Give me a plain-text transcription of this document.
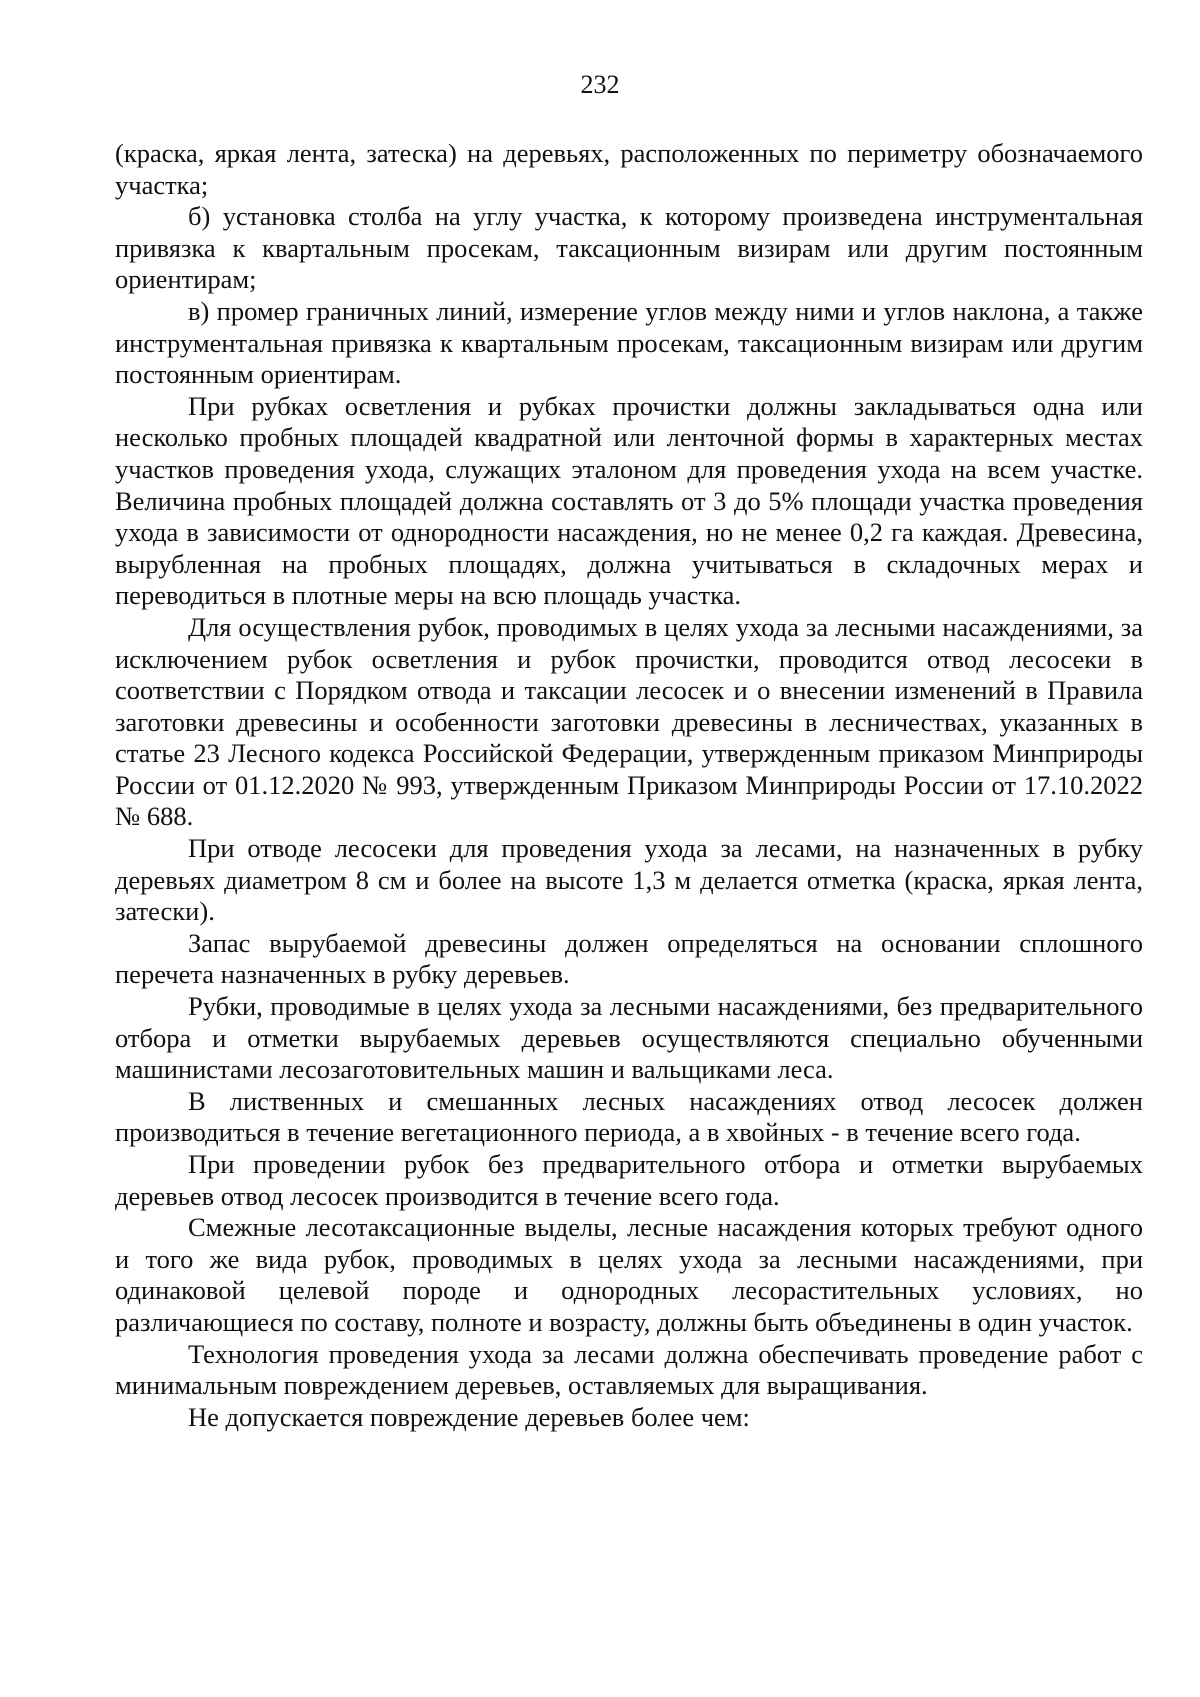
232

(краска, яркая лента, затеска) на деревьях, расположенных по периметру обозначаемого участка;

б) установка столба на углу участка, к которому произведена инструментальная привязка к квартальным просекам, таксационным визирам или другим постоянным ориентирам;

в) промер граничных линий, измерение углов между ними и углов наклона, а также инструментальная привязка к квартальным просекам, таксационным визирам или другим постоянным ориентирам.

При рубках осветления и рубках прочистки должны закладываться одна или несколько пробных площадей квадратной или ленточной формы в характерных местах участков проведения ухода, служащих эталоном для проведения ухода на всем участке. Величина пробных площадей должна составлять от 3 до 5% площади участка проведения ухода в зависимости от однородности насаждения, но не менее 0,2 га каждая. Древесина, вырубленная на пробных площадях, должна учитываться в складочных мерах и переводиться в плотные меры на всю площадь участка.

Для осуществления рубок, проводимых в целях ухода за лесными насаждениями, за исключением рубок осветления и рубок прочистки, проводится отвод лесосеки в соответствии с Порядком отвода и таксации лесосек и о внесении изменений в Правила заготовки древесины и особенности заготовки древесины в лесничествах, указанных в статье 23 Лесного кодекса Российской Федерации, утвержденным приказом Минприроды России от 01.12.2020 № 993, утвержденным Приказом Минприроды России от 17.10.2022 № 688.

При отводе лесосеки для проведения ухода за лесами, на назначенных в рубку деревьях диаметром 8 см и более на высоте 1,3 м делается отметка (краска, яркая лента, затески).

Запас вырубаемой древесины должен определяться на основании сплошного перечета назначенных в рубку деревьев.

Рубки, проводимые в целях ухода за лесными насаждениями, без предварительного отбора и отметки вырубаемых деревьев осуществляются специально обученными машинистами лесозаготовительных машин и вальщиками леса.

В лиственных и смешанных лесных насаждениях отвод лесосек должен производиться в течение вегетационного периода, а в хвойных - в течение всего года.

При проведении рубок без предварительного отбора и отметки вырубаемых деревьев отвод лесосек производится в течение всего года.

Смежные лесотаксационные выделы, лесные насаждения которых требуют одного и того же вида рубок, проводимых в целях ухода за лесными насаждениями, при одинаковой целевой породе и однородных лесорастительных условиях, но различающиеся по составу, полноте и возрасту, должны быть объединены в один участок.

Технология проведения ухода за лесами должна обеспечивать проведение работ с минимальным повреждением деревьев, оставляемых для выращивания.

Не допускается повреждение деревьев более чем:
